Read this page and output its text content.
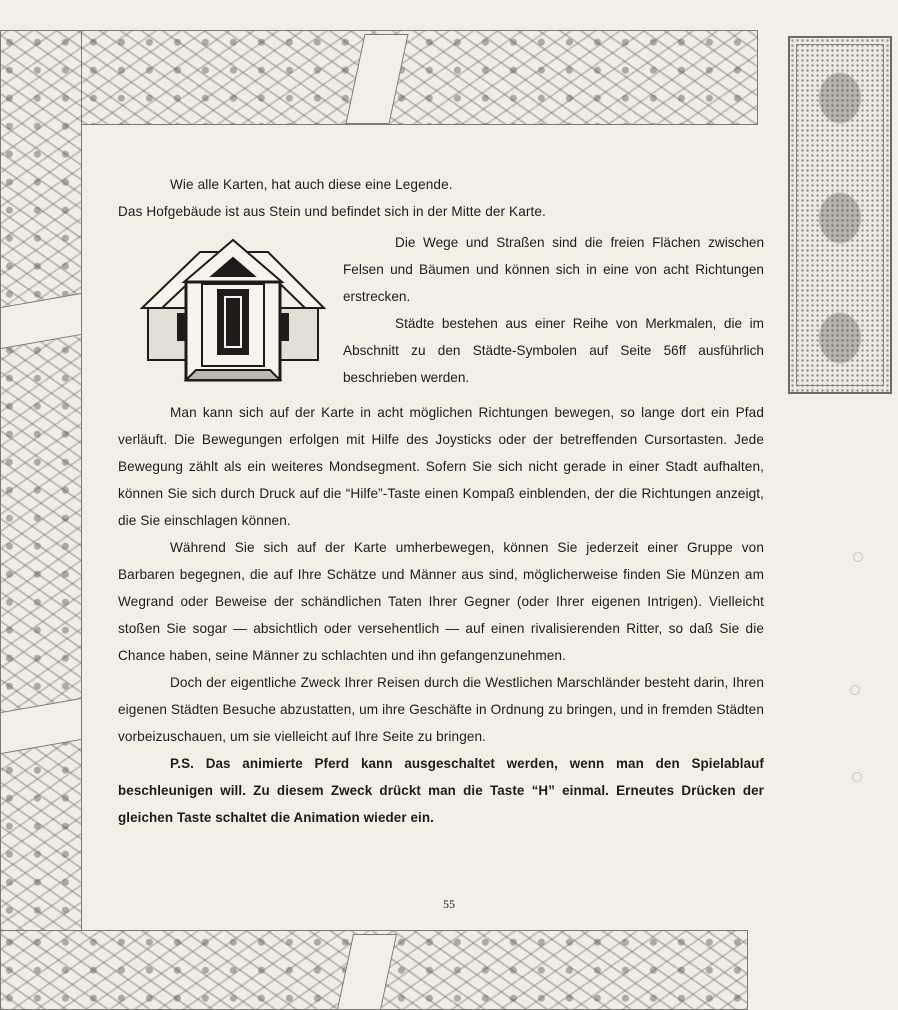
Wie alle Karten, hat auch diese eine Legende.

Das Hofgebäude ist aus Stein und befindet sich in der Mitte der Karte.

Die Wege und Straßen sind die freien Flächen zwischen Felsen und Bäumen und können sich in eine von acht Richtungen erstrecken.

Städte bestehen aus einer Reihe von Merkmalen, die im Abschnitt zu den Städte-Symbolen auf Seite 56ff ausführlich beschrieben werden.

Man kann sich auf der Karte in acht möglichen Richtungen bewegen, so lange dort ein Pfad verläuft. Die Bewegungen erfolgen mit Hilfe des Joysticks oder der betreffenden Cursortasten. Jede Bewegung zählt als ein weiteres Mondsegment. Sofern Sie sich nicht gerade in einer Stadt aufhalten, können Sie sich durch Druck auf die “Hilfe”-Taste einen Kompaß einblenden, der die Richtungen anzeigt, die Sie einschlagen können.

Während Sie sich auf der Karte umherbewegen, können Sie jederzeit einer Gruppe von Barbaren begegnen, die auf Ihre Schätze und Männer aus sind, möglicherweise finden Sie Münzen am Wegrand oder Beweise der schändlichen Taten Ihrer Gegner (oder Ihrer eigenen Intrigen). Vielleicht stoßen Sie sogar — absichtlich oder versehentlich — auf einen rivalisierenden Ritter, so daß Sie die Chance haben, seine Männer zu schlachten und ihn gefangenzunehmen.

Doch der eigentliche Zweck Ihrer Reisen durch die Westlichen Marschländer besteht darin, Ihren eigenen Städten Besuche abzustatten, um ihre Geschäfte in Ordnung zu bringen, und in fremden Städten vorbeizuschauen, um sie vielleicht auf Ihre Seite zu bringen.

P.S. Das animierte Pferd kann ausgeschaltet werden, wenn man den Spielablauf beschleunigen will. Zu diesem Zweck drückt man die Taste “H” einmal. Erneutes Drücken der gleichen Taste schaltet die Animation wieder ein.

55
